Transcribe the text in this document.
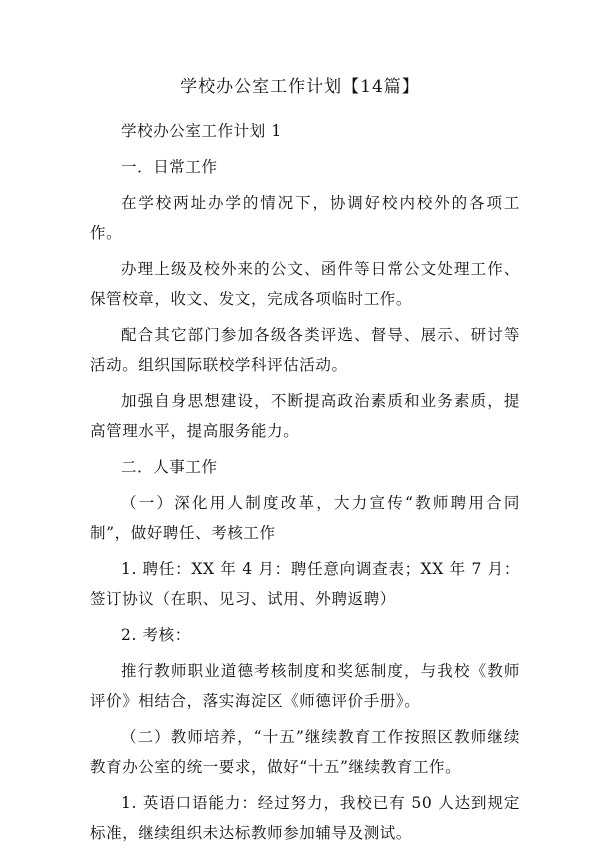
学校办公室工作计划【14篇】

学校办公室工作计划 1

一．日常工作

在学校两址办学的情况下，协调好校内校外的各项工作。

办理上级及校外来的公文、函件等日常公文处理工作、保管校章，收文、发文，完成各项临时工作。

配合其它部门参加各级各类评选、督导、展示、研讨等活动。组织国际联校学科评估活动。

加强自身思想建设，不断提高政治素质和业务素质，提高管理水平，提高服务能力。

二．人事工作

（一）深化用人制度改革，大力宣传“教师聘用合同制”，做好聘任、考核工作

1. 聘任：XX 年 4 月：聘任意向调查表；XX 年 7 月：签订协议（在职、见习、试用、外聘返聘）

2. 考核：

推行教师职业道德考核制度和奖惩制度，与我校《教师评价》相结合，落实海淀区《师德评价手册》。

（二）教师培养，“十五”继续教育工作按照区教师继续教育办公室的统一要求，做好“十五”继续教育工作。

1. 英语口语能力：经过努力，我校已有 50 人达到规定标准，继续组织未达标教师参加辅导及测试。
